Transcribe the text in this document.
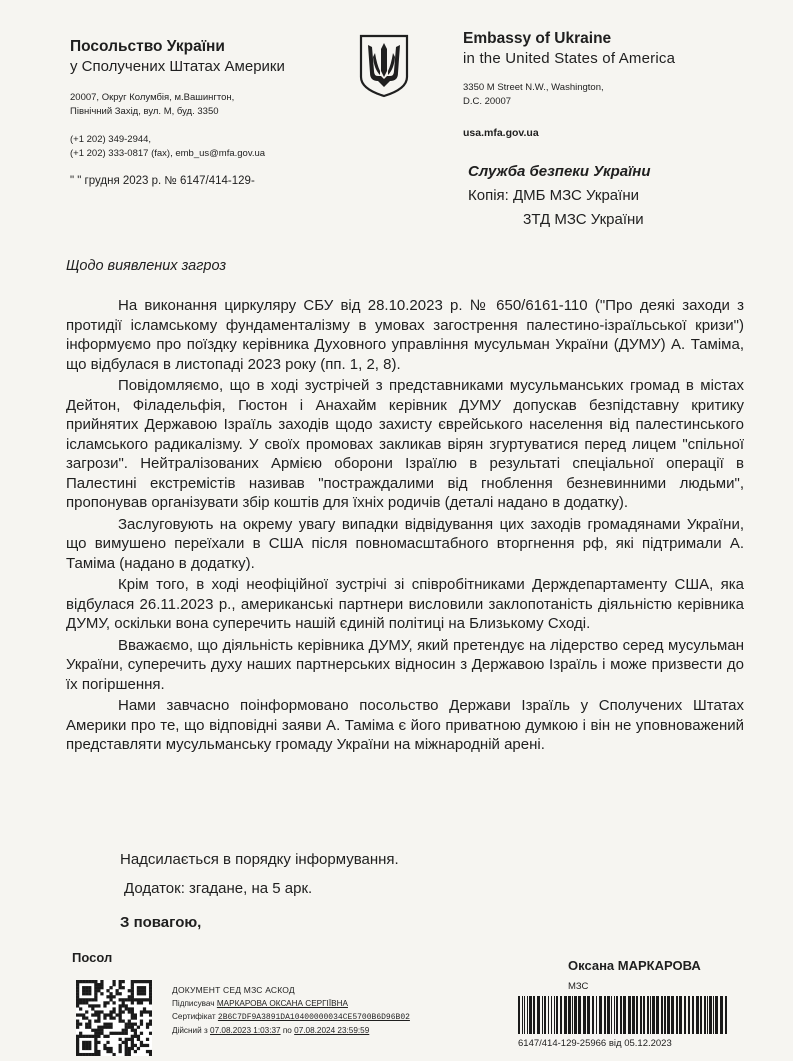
Посольство України
у Сполучених Штатах Америки
20007, Округ Колумбія, м.Вашингтон,
Північний Захід, вул. М, буд. 3350
(+1 202) 349-2944,
(+1 202) 333-0817 (fax), emb_us@mfa.gov.ua
" " грудня 2023 р. № 6147/414-129-
Embassy of Ukraine
in the United States of America
3350 M Street N.W., Washington,
D.C. 20007
usa.mfa.gov.ua
Служба безпеки України
Копія: ДМБ МЗС України
3ТД МЗС України
Щодо виявлених загроз

На виконання циркуляру СБУ від 28.10.2023 р. № 650/6161-110 ("Про деякі заходи з протидії ісламському фундаменталізму в умовах загострення палестино-ізраїльської кризи") інформуємо про поїздку керівника Духовного управління мусульман України (ДУМУ) А. Таміма, що відбулася в листопаді 2023 року (пп. 1, 2, 8).

Повідомляємо, що в ході зустрічей з представниками мусульманських громад в містах Дейтон, Філадельфія, Гюстон і Анахайм керівник ДУМУ допускав безпідставну критику прийнятих Державою Ізраїль заходів щодо захисту єврейського населення від палестинського ісламського радикалізму. У своїх промовах закликав вірян згуртуватися перед лицем "спільної загрози". Нейтралізованих Армією оборони Ізраїлю в результаті спеціальної операції в Палестині екстремістів називав "постраждалими від гноблення безневинними людьми", пропонував організувати збір коштів для їхніх родичів (деталі надано в додатку).

Заслуговують на окрему увагу випадки відвідування цих заходів громадянами України, що вимушено переїхали в США після повномасштабного вторгнення рф, які підтримали А. Таміма (надано в додатку).

Крім того, в ході неофіційної зустрічі зі співробітниками Держдепартаменту США, яка відбулася 26.11.2023 р., американські партнери висловили заклопотаність діяльністю керівника ДУМУ, оскільки вона суперечить нашій єдиній політиці на Близькому Сході.

Вважаємо, що діяльність керівника ДУМУ, який претендує на лідерство серед мусульман України, суперечить духу наших партнерських відносин з Державою Ізраїль і може призвести до їх погіршення.

Нами завчасно поінформовано посольство Держави Ізраїль у Сполучених Штатах Америки про те, що відповідні заяви А. Таміма є його приватною думкою і він не уповноважений представляти мусульманську громаду України на міжнародній арені.

Надсилається в порядку інформування.
Додаток: згадане, на 5 арк.
З повагою,
Посол
Оксана МАРКАРОВА
ДОКУМЕНТ СЕД МЗС АСКОД
Підписувач МАРКАРОВА ОКСАНА СЕРГІЇВНА
Сертифікат 2B6C7DF9A3891DA10400000034CE5700B6D96B02
Дійсний з 07.08.2023 1:03:37 по 07.08.2024 23:59:59
МЗС
6147/414-129-25966 від 05.12.2023
